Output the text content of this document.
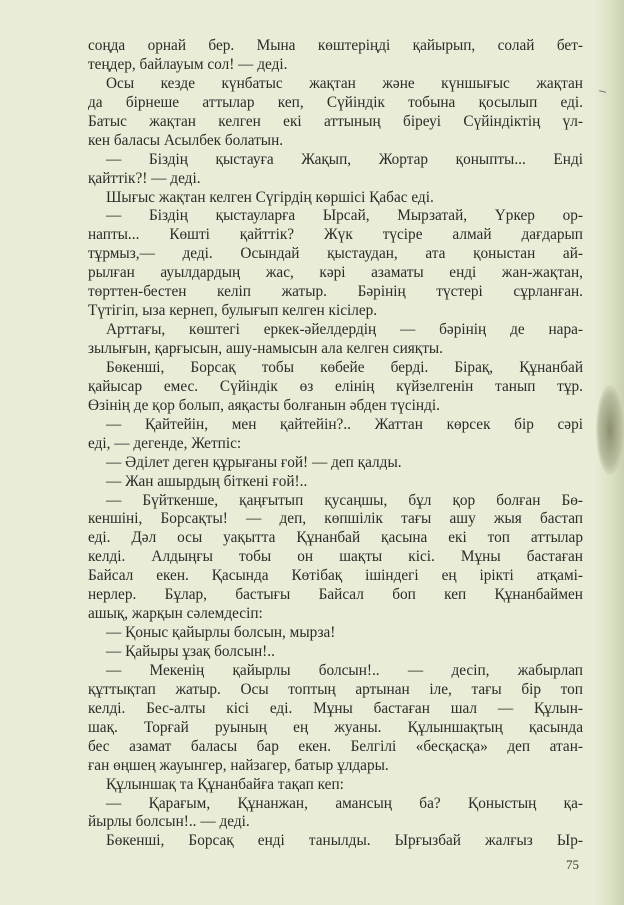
соңда орнай бер. Мына көштеріңді қайырып, солай бет-
теңдер, байлауым сол! — деді.
Осы кезде күнбатыс жақтан және күншығыс жақтан
да бірнеше аттылар кеп, Сүйіндік тобына қосылып еді.
Батыс жақтан келген екі аттының біреуі Сүйіндіктің үл-
кен баласы Асылбек болатын.
— Біздің қыстауға Жақып, Жортар қоныпты... Енді
қайттік?! — деді.
Шығыс жақтан келген Сүгірдің көршісі Қабас еді.
— Біздің қыстауларға Ырсай, Мырзатай, Үркер ор-
напты... Көшті қайттік? Жүк түсіре алмай дағдарып
тұрмыз,— деді. Осындай қыстаудан, ата қоныстан ай-
рылған ауылдардың жас, кәрі азаматы енді жан-жақтан,
төрттен-бестен келіп жатыр. Бәрінің түстері сұрланған.
Түтігіп, ыза кернеп, булығып келген кісілер.
Арттағы, көштегі еркек-әйелдердің — бәрінің де нара-
зылығын, қарғысын, ашу-намысын ала келген сияқты.
Бөкенші, Борсақ тобы көбейе берді. Бірақ, Құнанбай
қайысар емес. Сүйіндік өз елінің күйзелгенін танып тұр.
Өзінің де қор болып, аяқасты болғанын әбден түсінді.
— Қайтейін, мен қайтейін?.. Жаттан көрсек бір сәрі
еді, — дегенде, Жетпіс:
— Әділет деген құрығаны ғой! — деп қалды.
— Жан ашырдың біткені ғой!..
— Бүйткенше, қаңғытып қусаңшы, бұл қор болған Бө-
кеншіні, Борсақты! — деп, көпшілік тағы ашу жыя бастап
еді. Дәл осы уақытта Құнанбай қасына екі топ аттылар
келді. Алдыңғы тобы он шақты кісі. Мұны бастаған
Байсал екен. Қасында Көтібақ ішіндегі ең ірікті атқамі-
нерлер. Бұлар, бастығы Байсал боп кеп Құнанбаймен
ашық, жарқын сәлемдесіп:
— Қоныс қайырлы болсын, мырза!
— Қайыры ұзақ болсын!..
— Мекенің қайырлы болсын!.. — десіп, жабырлап
құттықтап жатыр. Осы топтың артынан іле, тағы бір топ
келді. Бес-алты кісі еді. Мұны бастаған шал — Құлын-
шақ. Торғай руының ең жуаны. Құлыншақтың қасында
бес азамат баласы бар екен. Белгілі «бесқасқа» деп атан-
ған өңшең жауынгер, найзагер, батыр ұлдары.
Құлыншақ та Құнанбайға тақап кеп:
— Қарағым, Құнанжан, амансың ба? Қоныстың қа-
йырлы болсын!.. — деді.
Бөкенші, Борсақ енді танылды. Ырғызбай жалғыз Ыр-
75
